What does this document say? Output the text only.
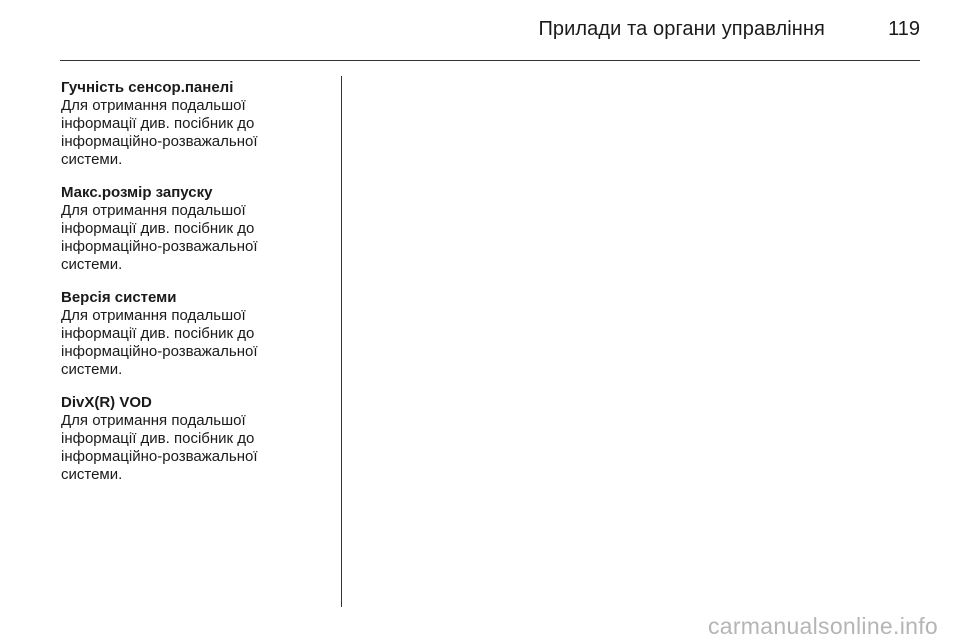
Прилади та органи управління	119

Гучність сенсор.панелі

Для отримання подальшої
інформації див. посібник до
інформаційно-розважальної
системи.

Макс.розмір запуску

Для отримання подальшої
інформації див. посібник до
інформаційно-розважальної
системи.

Версія системи

Для отримання подальшої
інформації див. посібник до
інформаційно-розважальної
системи.

DivX(R) VOD

Для отримання подальшої
інформації див. посібник до
інформаційно-розважальної
системи.

carmanualsonline.info
